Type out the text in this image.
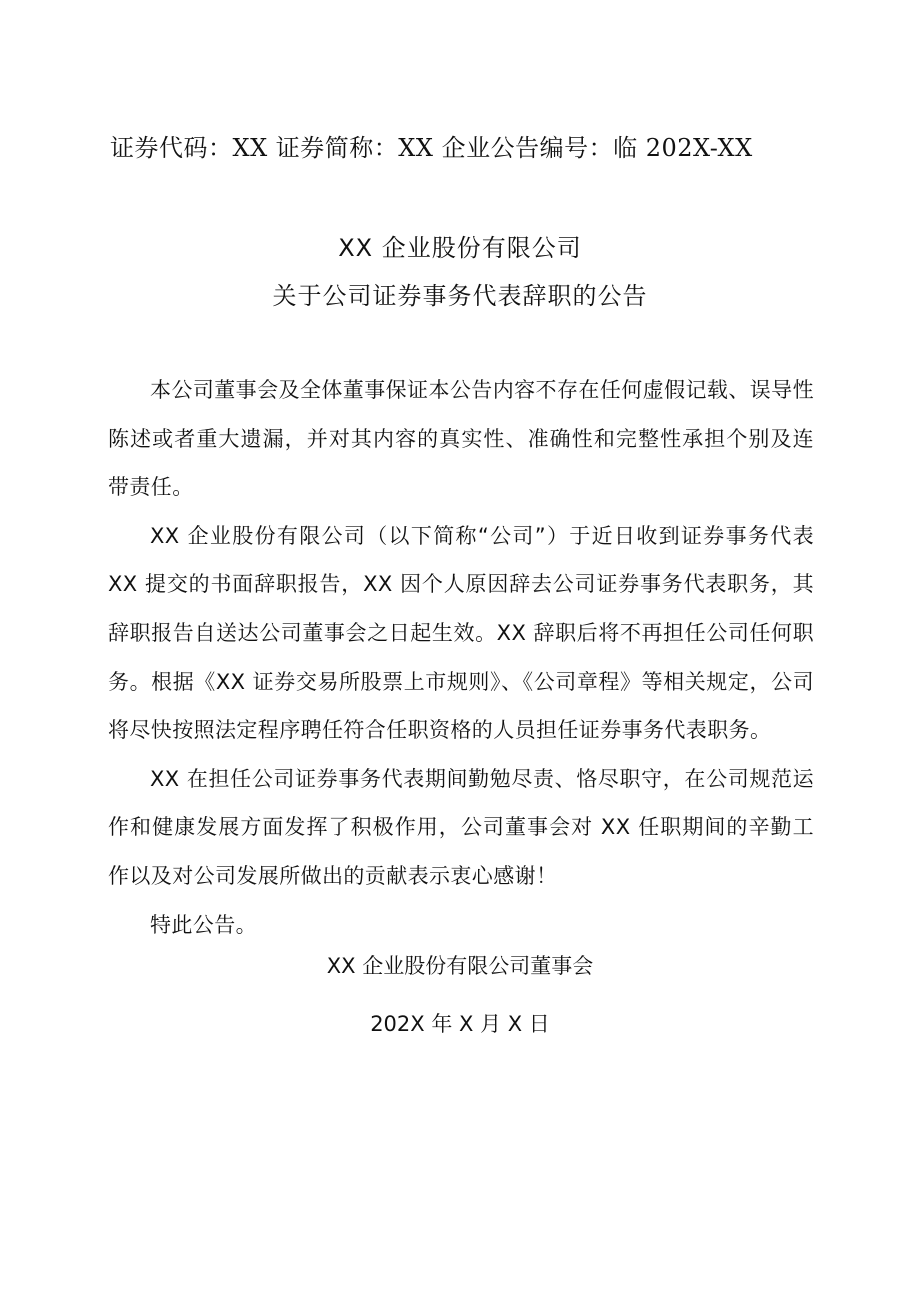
证券代码：XX 证券简称：XX 企业公告编号：临 202X-XX
XX 企业股份有限公司
关于公司证券事务代表辞职的公告

本公司董事会及全体董事保证本公告内容不存在任何虚假记载、误导性陈述或者重大遗漏，并对其内容的真实性、准确性和完整性承担个别及连带责任。

XX 企业股份有限公司（以下简称“公司”）于近日收到证券事务代表 XX 提交的书面辞职报告，XX 因个人原因辞去公司证券事务代表职务，其辞职报告自送达公司董事会之日起生效。XX 辞职后将不再担任公司任何职务。根据《XX 证券交易所股票上市规则》、《公司章程》等相关规定，公司将尽快按照法定程序聘任符合任职资格的人员担任证券事务代表职务。

XX 在担任公司证券事务代表期间勤勉尽责、恪尽职守，在公司规范运作和健康发展方面发挥了积极作用，公司董事会对 XX 任职期间的辛勤工作以及对公司发展所做出的贡献表示衷心感谢！

特此公告。

XX 企业股份有限公司董事会
202X 年 X 月 X 日
